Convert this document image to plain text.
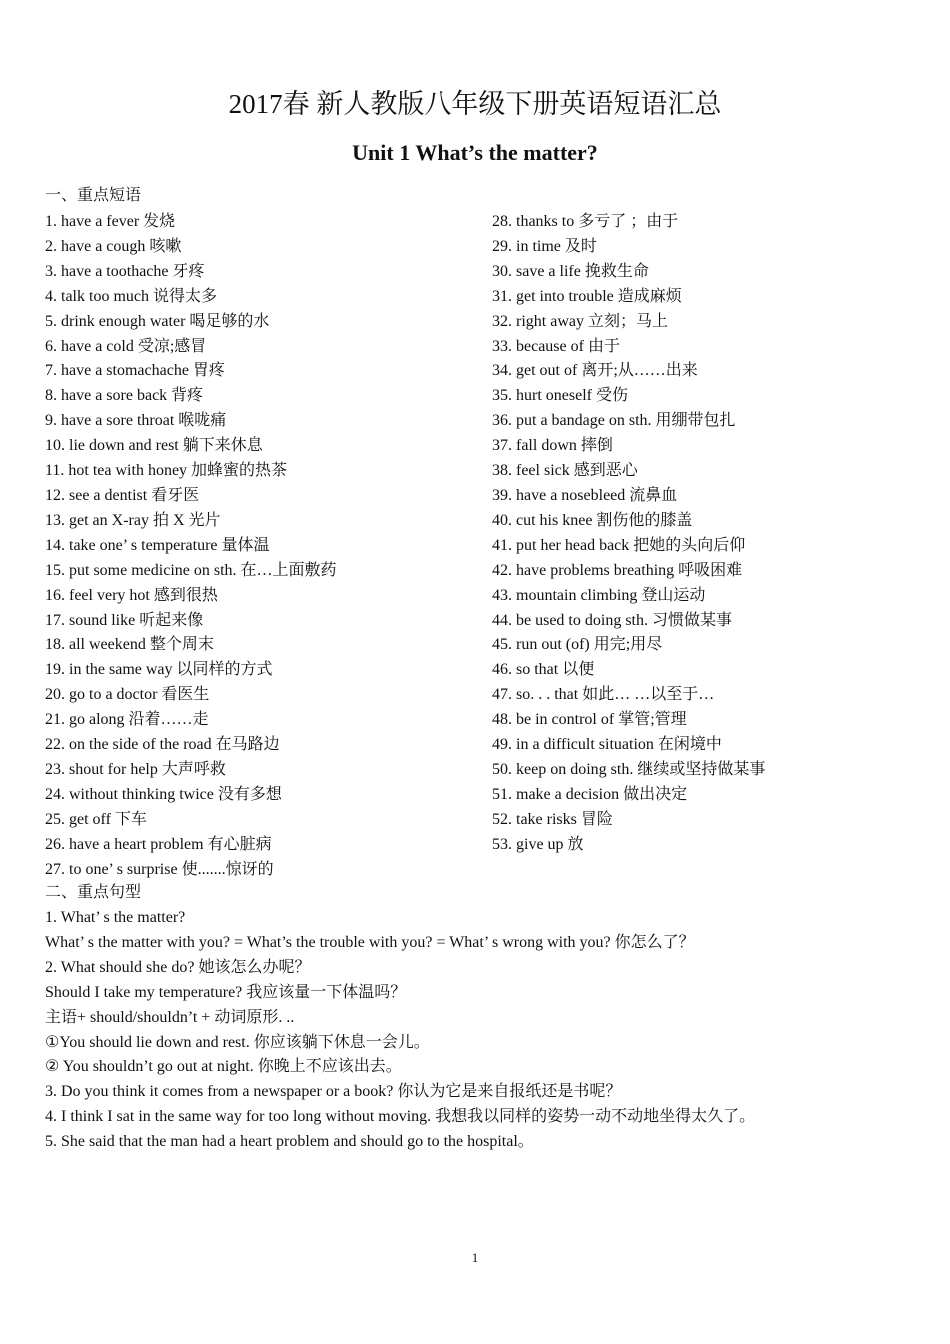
2017春 新人教版八年级下册英语短语汇总
Unit 1 What’s the matter?
一、重点短语
1. have a fever 发烧
2. have a cough 咳嗽
3. have a toothache 牙疼
4. talk too much 说得太多
5. drink enough water 喝足够的水
6. have a cold 受凉;感冒
7. have a stomachache 胃疼
8. have a sore back 背疼
9. have a sore throat 喉咙痛
10. lie down and rest 躺下来休息
11. hot tea with honey 加蜂蜜的热茶
12. see a dentist 看牙医
13. get an X-ray 拍 X 光片
14. take one’ s temperature 量体温
15. put some medicine on sth. 在…上面敷药
16. feel very hot 感到很热
17. sound like 听起来像
18. all weekend 整个周末
19. in the same way 以同样的方式
20. go to a doctor 看医生
21. go along 沿着……走
22. on the side of the road 在马路边
23. shout for help 大声呼救
24. without thinking twice 没有多想
25. get off 下车
26. have a heart problem 有心脏病
27. to one’ s surprise 使.......惊讶的
28. thanks to 多亏了 ；由于
29. in time 及时
30. save a life 挽救生命
31. get into trouble 造成麻烦
32. right away 立刻；马上
33. because of 由于
34. get out of 离开;从……出来
35. hurt oneself 受伤
36. put a bandage on sth. 用绷带包扎
37. fall down 摔倒
38. feel sick 感到恶心
39. have a nosebleed 流鼻血
40. cut his knee 割伤他的膝盖
41. put her head back 把她的头向后仰
42. have problems breathing 呼吸困难
43. mountain climbing 登山运动
44. be used to doing sth. 习惯做某事
45. run out (of) 用完;用尽
46. so that 以便
47. so. . . that 如此… …以至于…
48. be in control of 掌管;管理
49. in a difficult situation 在闲境中
50. keep on doing sth. 继续或坚持做某事
51. make a decision 做出决定
52. take risks 冒险
53. give up 放
二、重点句型
1. What’ s the matter?
What’ s the matter with you? = What’s the trouble with you? = What’ s wrong with you? 你怎么了？
2. What should she do? 她该怎么办呢？
Should I take my temperature? 我应该量一下体温吗？
主语+ should/shouldn’t + 动词原形. ..
①You should lie down and rest. 你应该躺下休息一会儿。
② You shouldn’t go out at night. 你晚上不应该出去。
3. Do you think it comes from a newspaper or a book? 你认为它是来自报纸还是书呢？
4. I think I sat in the same way for too long without moving. 我想我以同样的姿势一动不动地坐得太久了。
5. She said that the man had a heart problem and should go to the hospital。
1
